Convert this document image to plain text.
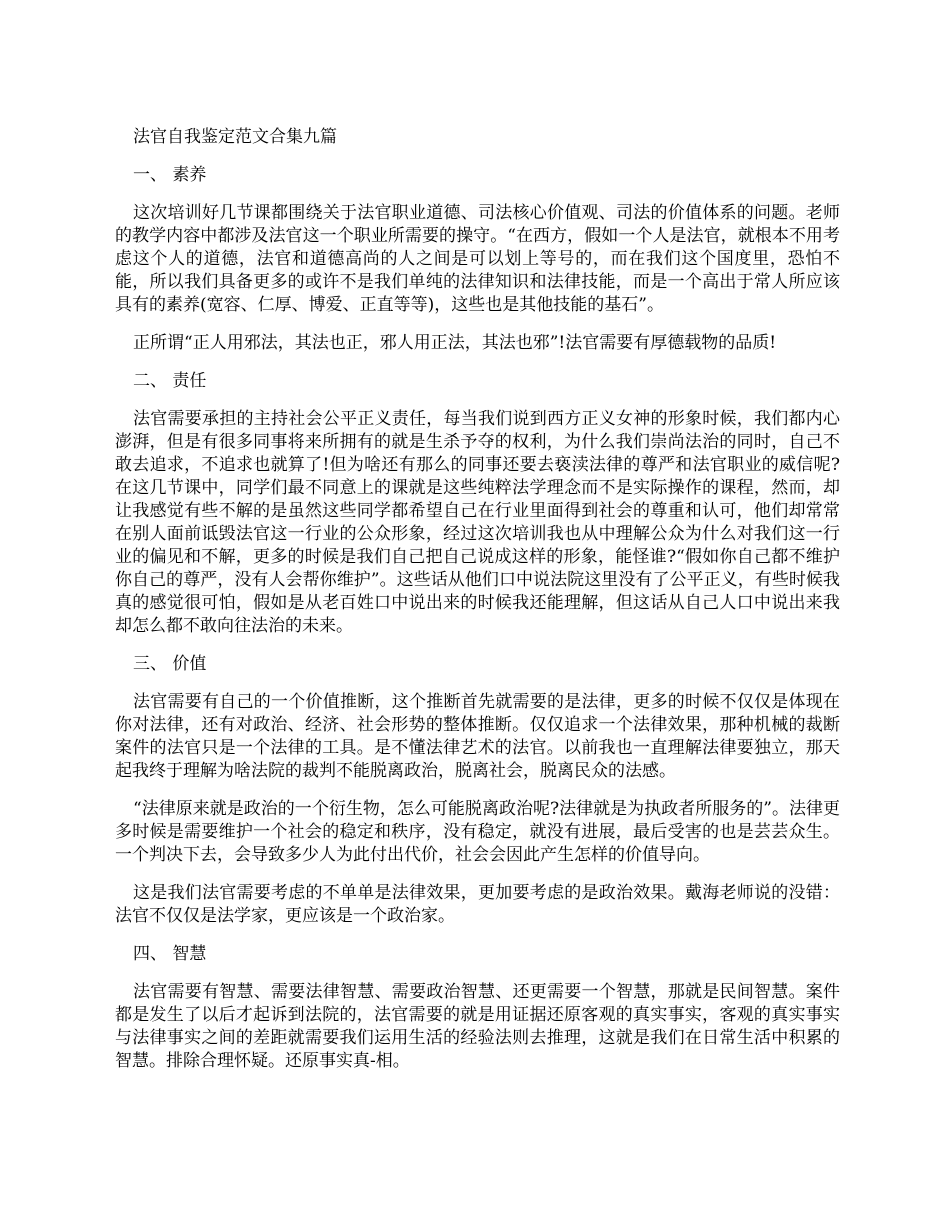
法官自我鉴定范文合集九篇
一、 素养

这次培训好几节课都围绕关于法官职业道德、司法核心价值观、司法的价值体系的问题。老师的教学内容中都涉及法官这一个职业所需要的操守。“在西方，假如一个人是法官，就根本不用考虑这个人的道德，法官和道德高尚的人之间是可以划上等号的，而在我们这个国度里，恐怕不能，所以我们具备更多的或许不是我们单纯的法律知识和法律技能，而是一个高出于常人所应该具有的素养(宽容、仁厚、博爱、正直等等)，这些也是其他技能的基石”。

正所谓“正人用邪法，其法也正，邪人用正法，其法也邪”!法官需要有厚德载物的品质!

二、 责任

法官需要承担的主持社会公平正义责任，每当我们说到西方正义女神的形象时候，我们都内心澎湃，但是有很多同事将来所拥有的就是生杀予夺的权利，为什么我们崇尚法治的同时，自己不敢去追求，不追求也就算了!但为啥还有那么的同事还要去亵渎法律的尊严和法官职业的威信呢?在这几节课中，同学们最不同意上的课就是这些纯粹法学理念而不是实际操作的课程，然而，却让我感觉有些不解的是虽然这些同学都希望自己在行业里面得到社会的尊重和认可，他们却常常在别人面前诋毁法官这一行业的公众形象，经过这次培训我也从中理解公众为什么对我们这一行业的偏见和不解，更多的时候是我们自己把自己说成这样的形象，能怪谁?“假如你自己都不维护你自己的尊严，没有人会帮你维护”。这些话从他们口中说法院这里没有了公平正义，有些时候我真的感觉很可怕，假如是从老百姓口中说出来的时候我还能理解，但这话从自己人口中说出来我却怎么都不敢向往法治的未来。

三、 价值

法官需要有自己的一个价值推断，这个推断首先就需要的是法律，更多的时候不仅仅是体现在你对法律，还有对政治、经济、社会形势的整体推断。仅仅追求一个法律效果，那种机械的裁断案件的法官只是一个法律的工具。是不懂法律艺术的法官。以前我也一直理解法律要独立，那天起我终于理解为啥法院的裁判不能脱离政治，脱离社会，脱离民众的法感。

“法律原来就是政治的一个衍生物，怎么可能脱离政治呢?法律就是为执政者所服务的”。法律更多时候是需要维护一个社会的稳定和秩序，没有稳定，就没有进展，最后受害的也是芸芸众生。一个判决下去，会导致多少人为此付出代价，社会会因此产生怎样的价值导向。

这是我们法官需要考虑的不单单是法律效果，更加要考虑的是政治效果。戴海老师说的没错：法官不仅仅是法学家，更应该是一个政治家。

四、 智慧

法官需要有智慧、需要法律智慧、需要政治智慧、还更需要一个智慧，那就是民间智慧。案件都是发生了以后才起诉到法院的，法官需要的就是用证据还原客观的真实事实，客观的真实事实与法律事实之间的差距就需要我们运用生活的经验法则去推理，这就是我们在日常生活中积累的智慧。排除合理怀疑。还原事实真-相。
